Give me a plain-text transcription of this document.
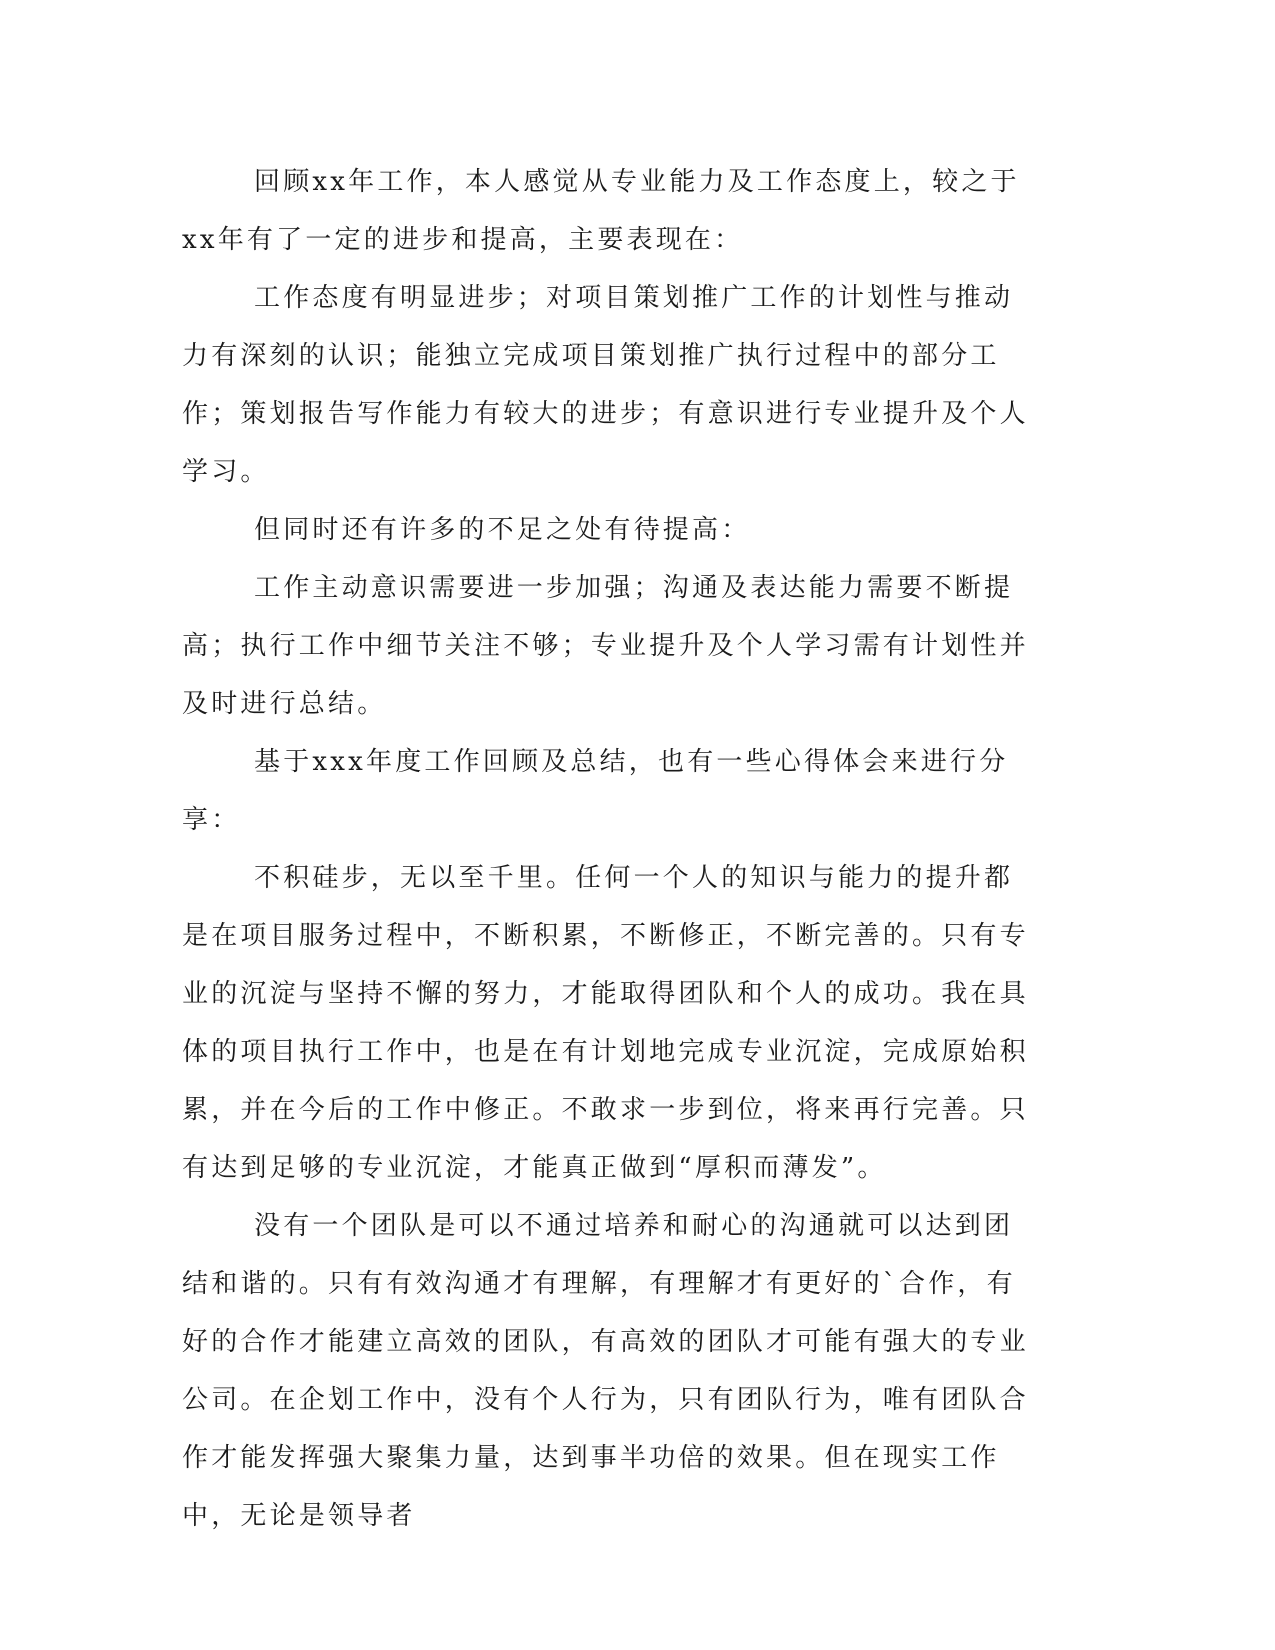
回顾xx年工作，本人感觉从专业能力及工作态度上，较之于xx年有了一定的进步和提高，主要表现在：

工作态度有明显进步；对项目策划推广工作的计划性与推动力有深刻的认识；能独立完成项目策划推广执行过程中的部分工作；策划报告写作能力有较大的进步；有意识进行专业提升及个人学习。

但同时还有许多的不足之处有待提高：

工作主动意识需要进一步加强；沟通及表达能力需要不断提高；执行工作中细节关注不够；专业提升及个人学习需有计划性并及时进行总结。

基于xxx年度工作回顾及总结，也有一些心得体会来进行分享：

不积硅步，无以至千里。任何一个人的知识与能力的提升都是在项目服务过程中，不断积累，不断修正，不断完善的。只有专业的沉淀与坚持不懈的努力，才能取得团队和个人的成功。我在具体的项目执行工作中，也是在有计划地完成专业沉淀，完成原始积累，并在今后的工作中修正。不敢求一步到位，将来再行完善。只有达到足够的专业沉淀，才能真正做到“厚积而薄发”。

没有一个团队是可以不通过培养和耐心的沟通就可以达到团结和谐的。只有有效沟通才有理解，有理解才有更好的`合作，有好的合作才能建立高效的团队，有高效的团队才可能有强大的专业公司。在企划工作中，没有个人行为，只有团队行为，唯有团队合作才能发挥强大聚集力量，达到事半功倍的效果。但在现实工作中，无论是领导者
